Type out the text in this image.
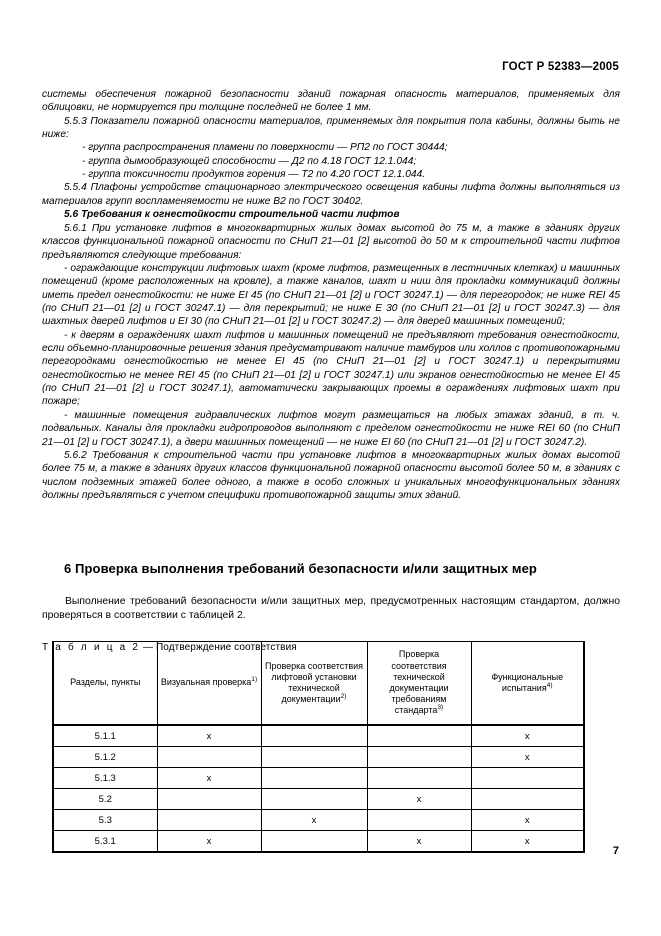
ГОСТ Р 52383—2005

системы обеспечения пожарной безопасности зданий пожарная опасность материалов, применяемых для облицовки, не нормируется при толщине последней не более 1 мм.

5.5.3 Показатели пожарной опасности материалов, применяемых для покрытия пола кабины, должны быть не ниже:

- группа распространения пламени по поверхности — РП2 по ГОСТ 30444;

- группа дымообразующей способности — Д2 по 4.18 ГОСТ 12.1.044;

- группа токсичности продуктов горения — Т2 по 4.20 ГОСТ 12.1.044.

5.5.4 Плафоны устройстве стационарного электрического освещения кабины лифта должны выполняться из материалов групп воспламеняемости не ниже В2 по ГОСТ 30402.

5.6 Требования к огнестойкости строительной части лифтов

5.6.1 При установке лифтов в многоквартирных жилых домах высотой до 75 м, а также в зданиях других классов функциональной пожарной опасности по СНиП 21—01 [2] высотой до 50 м к строительной части лифтов предъявляются следующие требования:

- ограждающие конструкции лифтовых шахт (кроме лифтов, размещенных в лестничных клетках) и машинных помещений (кроме расположенных на кровле), а также каналов, шахт и ниш для прокладки коммуникаций должны иметь предел огнестойкости: не ниже EI 45 (по СНиП 21—01 [2] и ГОСТ 30247.1) — для перегородок; не ниже REI 45 (по СНиП 21—01 [2] и ГОСТ 30247.1) — для перекрытий; не ниже E 30 (по СНиП 21—01 [2] и ГОСТ 30247.3) — для шахтных дверей лифтов и EI 30 (по СНиП 21—01 [2] и ГОСТ 30247.2) — для дверей машинных помещений;

- к дверям в ограждениях шахт лифтов и машинных помещений не предъявляют требования огнестойкости, если объемно-планировочные решения здания предусматривают наличие тамбуров или холлов с противопожарными перегородками огнестойкостью не менее EI 45 (по СНиП 21—01 [2] и ГОСТ 30247.1) и перекрытиями огнестойкостью не менее REI 45 (по СНиП 21—01 [2] и ГОСТ 30247.1) или экранов огнестойкостью не менее EI 45 (по СНиП 21—01 [2] и ГОСТ 30247.1), автоматически закрывающих проемы в ограждениях лифтовых шахт при пожаре;

- машинные помещения гидравлических лифтов могут размещаться на любых этажах зданий, в т. ч. подвальных. Каналы для прокладки гидропроводов выполняют с пределом огнестойкости не ниже REI 60 (по СНиП 21—01 [2] и ГОСТ 30247.1), а двери машинных помещений — не ниже EI 60 (по СНиП 21—01 [2] и ГОСТ 30247.2).

5.6.2 Требования к строительной части при установке лифтов в многоквартирных жилых домах высотой более 75 м, а также в зданиях других классов функциональной пожарной опасности высотой более 50 м, в зданиях с числом подземных этажей более одного, а также в особо сложных и уникальных многофункциональных зданиях должны предъявляться с учетом специфики противопожарной защиты этих зданий.

6 Проверка выполнения требований безопасности и/или защитных мер

Выполнение требований безопасности и/или защитных мер, предусмотренных настоящим стандартом, должно проверяться в соответствии с таблицей 2.

Т а б л и ц а 2 — Подтверждение соответствия

Разделы, пункты	Визуальная проверка$^{1)}$	Проверка соответствия лифтовой установки технической документации$^{2)}$	Проверка соответствия технической документации требованиям стандарта$^{3)}$	Функциональные испытания$^{4)}$
5.1.1	х			х
5.1.2				х
5.1.3	х			
5.2			х	
5.3		х		х
5.3.1	х		х	х
7
